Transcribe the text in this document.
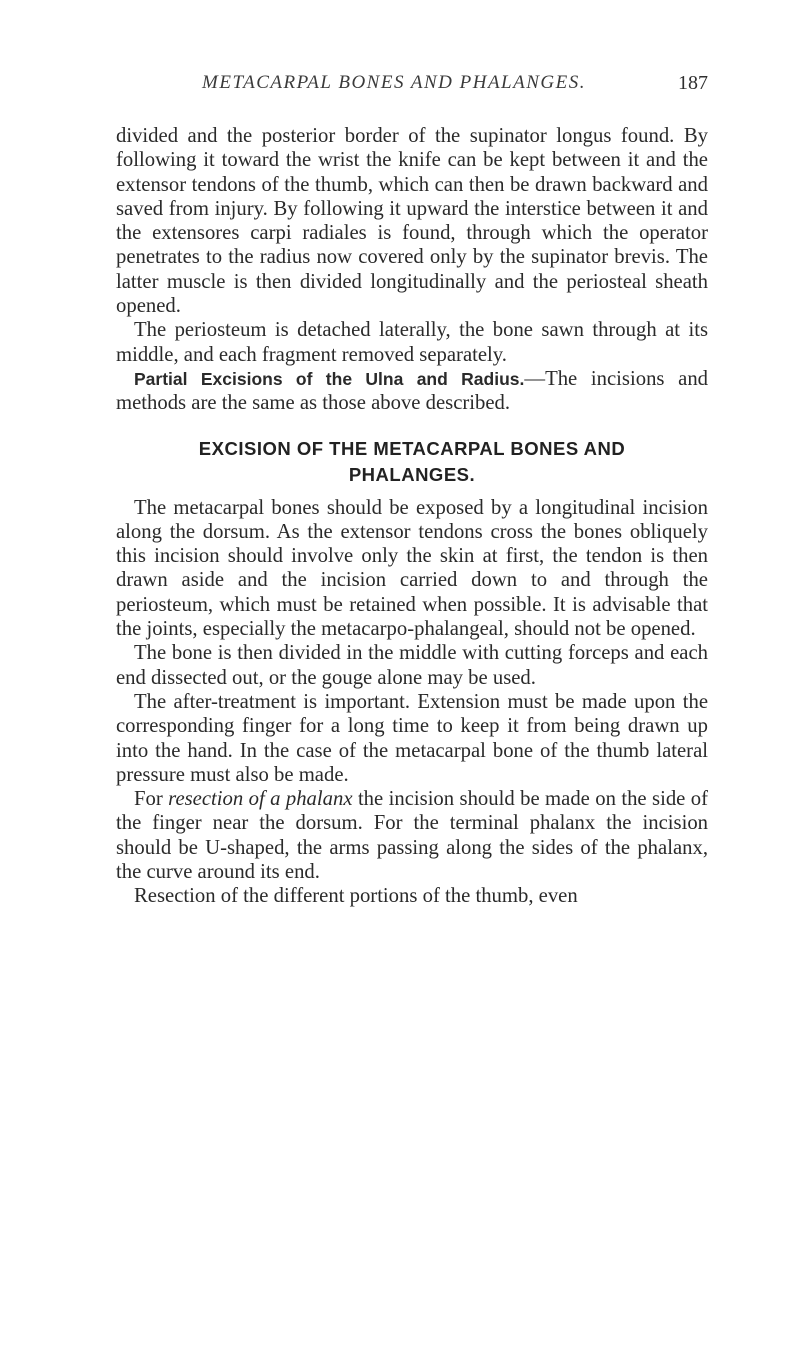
METACARPAL BONES AND PHALANGES.	187

divided and the posterior border of the supinator longus found. By following it toward the wrist the knife can be kept between it and the extensor tendons of the thumb, which can then be drawn backward and saved from injury. By following it upward the interstice between it and the extensores carpi radiales is found, through which the operator penetrates to the radius now covered only by the supinator brevis. The latter muscle is then divided longitudinally and the periosteal sheath opened.

The periosteum is detached laterally, the bone sawn through at its middle, and each fragment removed separately.

Partial Excisions of the Ulna and Radius.—The incisions and methods are the same as those above described.

EXCISION OF THE METACARPAL BONES AND
PHALANGES.

The metacarpal bones should be exposed by a longitudinal incision along the dorsum. As the extensor tendons cross the bones obliquely this incision should involve only the skin at first, the tendon is then drawn aside and the incision carried down to and through the periosteum, which must be retained when possible. It is advisable that the joints, especially the metacarpo-phalangeal, should not be opened.

The bone is then divided in the middle with cutting forceps and each end dissected out, or the gouge alone may be used.

The after-treatment is important. Extension must be made upon the corresponding finger for a long time to keep it from being drawn up into the hand. In the case of the metacarpal bone of the thumb lateral pressure must also be made.

For resection of a phalanx the incision should be made on the side of the finger near the dorsum. For the terminal phalanx the incision should be U-shaped, the arms passing along the sides of the phalanx, the curve around its end.

Resection of the different portions of the thumb, even
